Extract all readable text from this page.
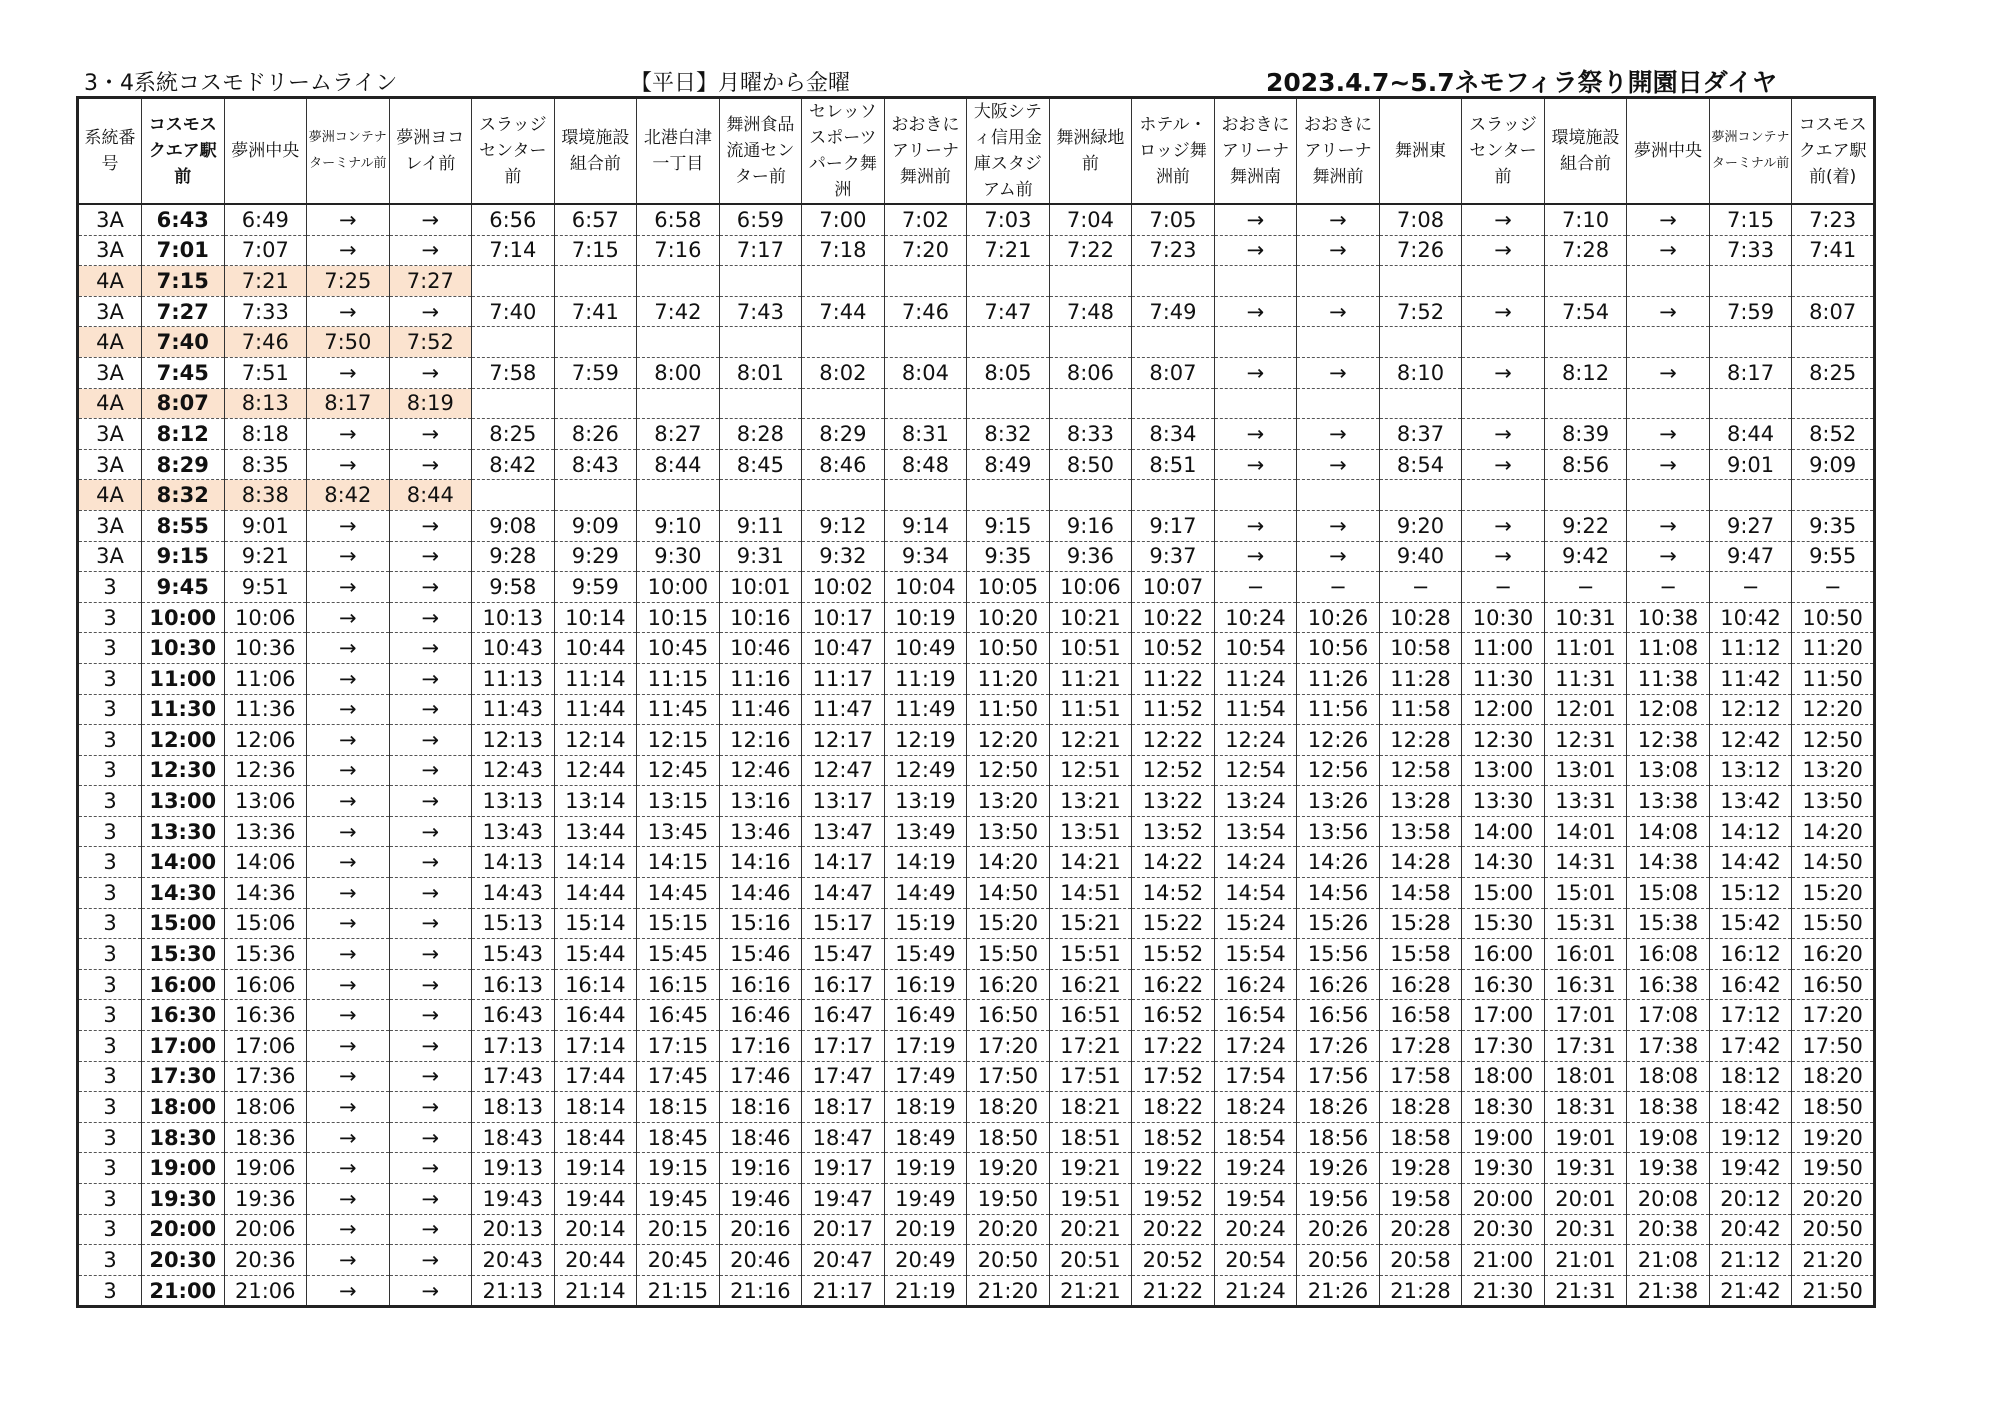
3・4系統コスモドリームライン	【平日】月曜から金曜	2023.4.7~5.7ネモフィラ祭り開園日ダイヤ
系統番号	コスモスクエア駅前	夢洲中央	夢洲コンテナターミナル前	夢洲ヨコレイ前	スラッジセンター前	環境施設組合前	北港白津一丁目	舞洲食品流通センター前	セレッソスポーツパーク舞洲	おおきにアリーナ舞洲前	大阪シティ信用金庫スタジアム前	舞洲緑地前	ホテル・ロッジ舞洲前	おおきにアリーナ舞洲南	おおきにアリーナ舞洲前	舞洲東	スラッジセンター前	環境施設組合前	夢洲中央	夢洲コンテナターミナル前	コスモスクエア駅前(着)
3A	6:43	6:49	→	→	6:56	6:57	6:58	6:59	7:00	7:02	7:03	7:04	7:05	→	→	7:08	→	7:10	→	7:15	7:23
3A	7:01	7:07	→	→	7:14	7:15	7:16	7:17	7:18	7:20	7:21	7:22	7:23	→	→	7:26	→	7:28	→	7:33	7:41
4A	7:15	7:21	7:25	7:27																	
3A	7:27	7:33	→	→	7:40	7:41	7:42	7:43	7:44	7:46	7:47	7:48	7:49	→	→	7:52	→	7:54	→	7:59	8:07
4A	7:40	7:46	7:50	7:52																	
3A	7:45	7:51	→	→	7:58	7:59	8:00	8:01	8:02	8:04	8:05	8:06	8:07	→	→	8:10	→	8:12	→	8:17	8:25
4A	8:07	8:13	8:17	8:19																	
3A	8:12	8:18	→	→	8:25	8:26	8:27	8:28	8:29	8:31	8:32	8:33	8:34	→	→	8:37	→	8:39	→	8:44	8:52
3A	8:29	8:35	→	→	8:42	8:43	8:44	8:45	8:46	8:48	8:49	8:50	8:51	→	→	8:54	→	8:56	→	9:01	9:09
4A	8:32	8:38	8:42	8:44																	
3A	8:55	9:01	→	→	9:08	9:09	9:10	9:11	9:12	9:14	9:15	9:16	9:17	→	→	9:20	→	9:22	→	9:27	9:35
3A	9:15	9:21	→	→	9:28	9:29	9:30	9:31	9:32	9:34	9:35	9:36	9:37	→	→	9:40	→	9:42	→	9:47	9:55
3	9:45	9:51	→	→	9:58	9:59	10:00	10:01	10:02	10:04	10:05	10:06	10:07	−	−	−	−	−	−	−	−
3	10:00	10:06	→	→	10:13	10:14	10:15	10:16	10:17	10:19	10:20	10:21	10:22	10:24	10:26	10:28	10:30	10:31	10:38	10:42	10:50
3	10:30	10:36	→	→	10:43	10:44	10:45	10:46	10:47	10:49	10:50	10:51	10:52	10:54	10:56	10:58	11:00	11:01	11:08	11:12	11:20
3	11:00	11:06	→	→	11:13	11:14	11:15	11:16	11:17	11:19	11:20	11:21	11:22	11:24	11:26	11:28	11:30	11:31	11:38	11:42	11:50
3	11:30	11:36	→	→	11:43	11:44	11:45	11:46	11:47	11:49	11:50	11:51	11:52	11:54	11:56	11:58	12:00	12:01	12:08	12:12	12:20
3	12:00	12:06	→	→	12:13	12:14	12:15	12:16	12:17	12:19	12:20	12:21	12:22	12:24	12:26	12:28	12:30	12:31	12:38	12:42	12:50
3	12:30	12:36	→	→	12:43	12:44	12:45	12:46	12:47	12:49	12:50	12:51	12:52	12:54	12:56	12:58	13:00	13:01	13:08	13:12	13:20
3	13:00	13:06	→	→	13:13	13:14	13:15	13:16	13:17	13:19	13:20	13:21	13:22	13:24	13:26	13:28	13:30	13:31	13:38	13:42	13:50
3	13:30	13:36	→	→	13:43	13:44	13:45	13:46	13:47	13:49	13:50	13:51	13:52	13:54	13:56	13:58	14:00	14:01	14:08	14:12	14:20
3	14:00	14:06	→	→	14:13	14:14	14:15	14:16	14:17	14:19	14:20	14:21	14:22	14:24	14:26	14:28	14:30	14:31	14:38	14:42	14:50
3	14:30	14:36	→	→	14:43	14:44	14:45	14:46	14:47	14:49	14:50	14:51	14:52	14:54	14:56	14:58	15:00	15:01	15:08	15:12	15:20
3	15:00	15:06	→	→	15:13	15:14	15:15	15:16	15:17	15:19	15:20	15:21	15:22	15:24	15:26	15:28	15:30	15:31	15:38	15:42	15:50
3	15:30	15:36	→	→	15:43	15:44	15:45	15:46	15:47	15:49	15:50	15:51	15:52	15:54	15:56	15:58	16:00	16:01	16:08	16:12	16:20
3	16:00	16:06	→	→	16:13	16:14	16:15	16:16	16:17	16:19	16:20	16:21	16:22	16:24	16:26	16:28	16:30	16:31	16:38	16:42	16:50
3	16:30	16:36	→	→	16:43	16:44	16:45	16:46	16:47	16:49	16:50	16:51	16:52	16:54	16:56	16:58	17:00	17:01	17:08	17:12	17:20
3	17:00	17:06	→	→	17:13	17:14	17:15	17:16	17:17	17:19	17:20	17:21	17:22	17:24	17:26	17:28	17:30	17:31	17:38	17:42	17:50
3	17:30	17:36	→	→	17:43	17:44	17:45	17:46	17:47	17:49	17:50	17:51	17:52	17:54	17:56	17:58	18:00	18:01	18:08	18:12	18:20
3	18:00	18:06	→	→	18:13	18:14	18:15	18:16	18:17	18:19	18:20	18:21	18:22	18:24	18:26	18:28	18:30	18:31	18:38	18:42	18:50
3	18:30	18:36	→	→	18:43	18:44	18:45	18:46	18:47	18:49	18:50	18:51	18:52	18:54	18:56	18:58	19:00	19:01	19:08	19:12	19:20
3	19:00	19:06	→	→	19:13	19:14	19:15	19:16	19:17	19:19	19:20	19:21	19:22	19:24	19:26	19:28	19:30	19:31	19:38	19:42	19:50
3	19:30	19:36	→	→	19:43	19:44	19:45	19:46	19:47	19:49	19:50	19:51	19:52	19:54	19:56	19:58	20:00	20:01	20:08	20:12	20:20
3	20:00	20:06	→	→	20:13	20:14	20:15	20:16	20:17	20:19	20:20	20:21	20:22	20:24	20:26	20:28	20:30	20:31	20:38	20:42	20:50
3	20:30	20:36	→	→	20:43	20:44	20:45	20:46	20:47	20:49	20:50	20:51	20:52	20:54	20:56	20:58	21:00	21:01	21:08	21:12	21:20
3	21:00	21:06	→	→	21:13	21:14	21:15	21:16	21:17	21:19	21:20	21:21	21:22	21:24	21:26	21:28	21:30	21:31	21:38	21:42	21:50
